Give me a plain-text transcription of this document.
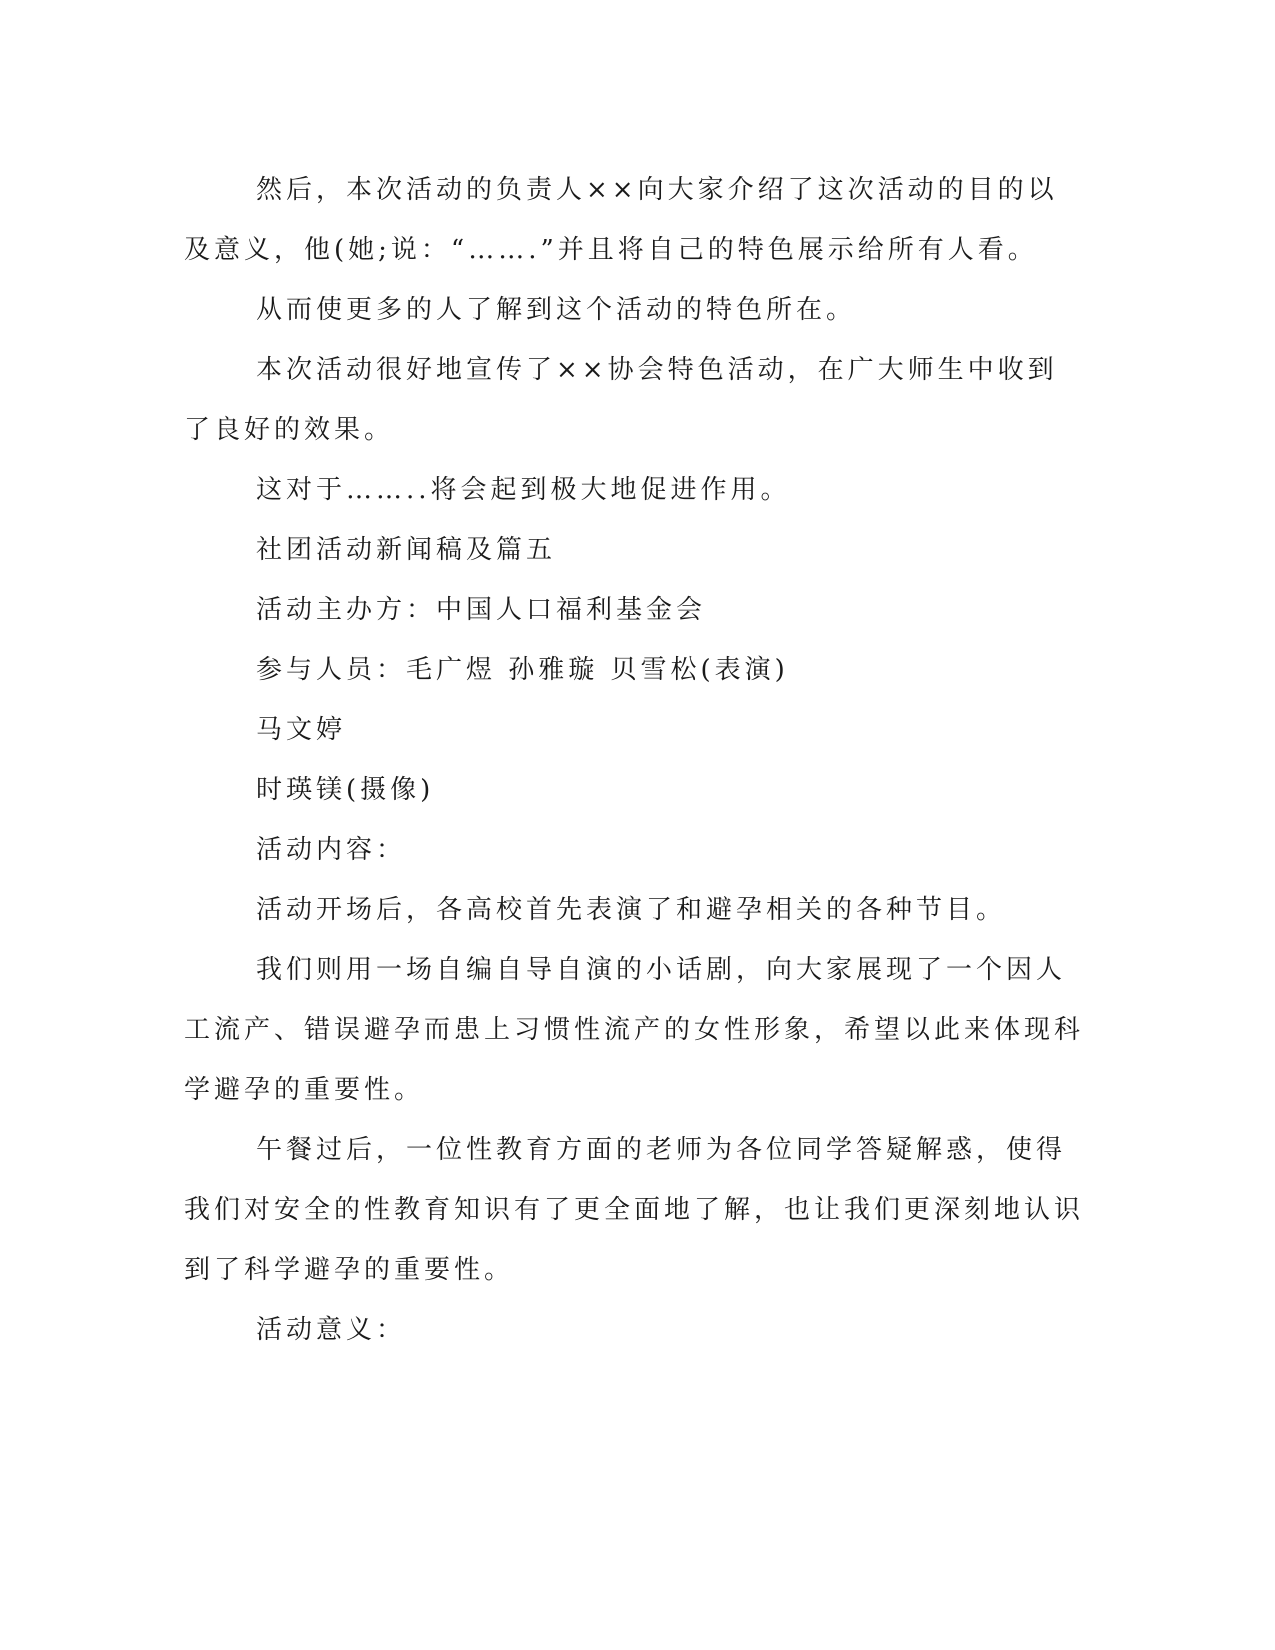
然后，本次活动的负责人××向大家介绍了这次活动的目的以及意义，他(她;说：“…….”并且将自己的特色展示给所有人看。

从而使更多的人了解到这个活动的特色所在。

本次活动很好地宣传了××协会特色活动，在广大师生中收到了良好的效果。

这对于……..将会起到极大地促进作用。

社团活动新闻稿及篇五

活动主办方：中国人口福利基金会

参与人员：毛广煜 孙雅璇 贝雪松(表演)

马文婷

时瑛镁(摄像)

活动内容：

活动开场后，各高校首先表演了和避孕相关的各种节目。

我们则用一场自编自导自演的小话剧，向大家展现了一个因人工流产、错误避孕而患上习惯性流产的女性形象，希望以此来体现科学避孕的重要性。

午餐过后，一位性教育方面的老师为各位同学答疑解惑，使得我们对安全的性教育知识有了更全面地了解，也让我们更深刻地认识到了科学避孕的重要性。

活动意义：
